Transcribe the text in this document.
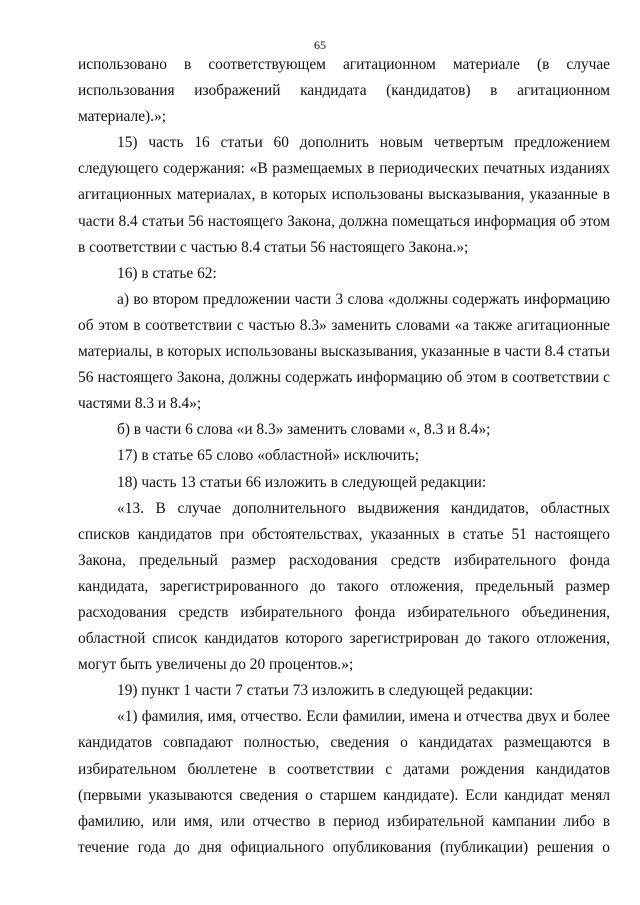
65

использовано в соответствующем агитационном материале (в случае использования изображений кандидата (кандидатов) в агитационном материале).»;

15) часть 16 статьи 60 дополнить новым четвертым предложением следующего содержания: «В размещаемых в периодических печатных изданиях агитационных материалах, в которых использованы высказывания, указанные в части 8.4 статьи 56 настоящего Закона, должна помещаться информация об этом в соответствии с частью 8.4 статьи 56 настоящего Закона.»;

16) в статье 62:

а) во втором предложении части 3 слова «должны содержать информацию об этом в соответствии с частью 8.3» заменить словами «а также агитационные материалы, в которых использованы высказывания, указанные в части 8.4 статьи 56 настоящего Закона, должны содержать информацию об этом в соответствии с частями 8.3 и 8.4»;

б) в части 6 слова «и 8.3» заменить словами «, 8.3 и 8.4»;

17) в статье 65 слово «областной» исключить;

18) часть 13 статьи 66 изложить в следующей редакции:

«13. В случае дополнительного выдвижения кандидатов, областных списков кандидатов при обстоятельствах, указанных в статье 51 настоящего Закона, предельный размер расходования средств избирательного фонда кандидата, зарегистрированного до такого отложения, предельный размер расходования средств избирательного фонда избирательного объединения, областной список кандидатов которого зарегистрирован до такого отложения, могут быть увеличены до 20 процентов.»;

19) пункт 1 части 7 статьи 73 изложить в следующей редакции:

«1) фамилия, имя, отчество. Если фамилии, имена и отчества двух и более кандидатов совпадают полностью, сведения о кандидатах размещаются в избирательном бюллетене в соответствии с датами рождения кандидатов (первыми указываются сведения о старшем кандидате). Если кандидат менял фамилию, или имя, или отчество в период избирательной кампании либо в течение года до дня официального опубликования (публикации) решения о
